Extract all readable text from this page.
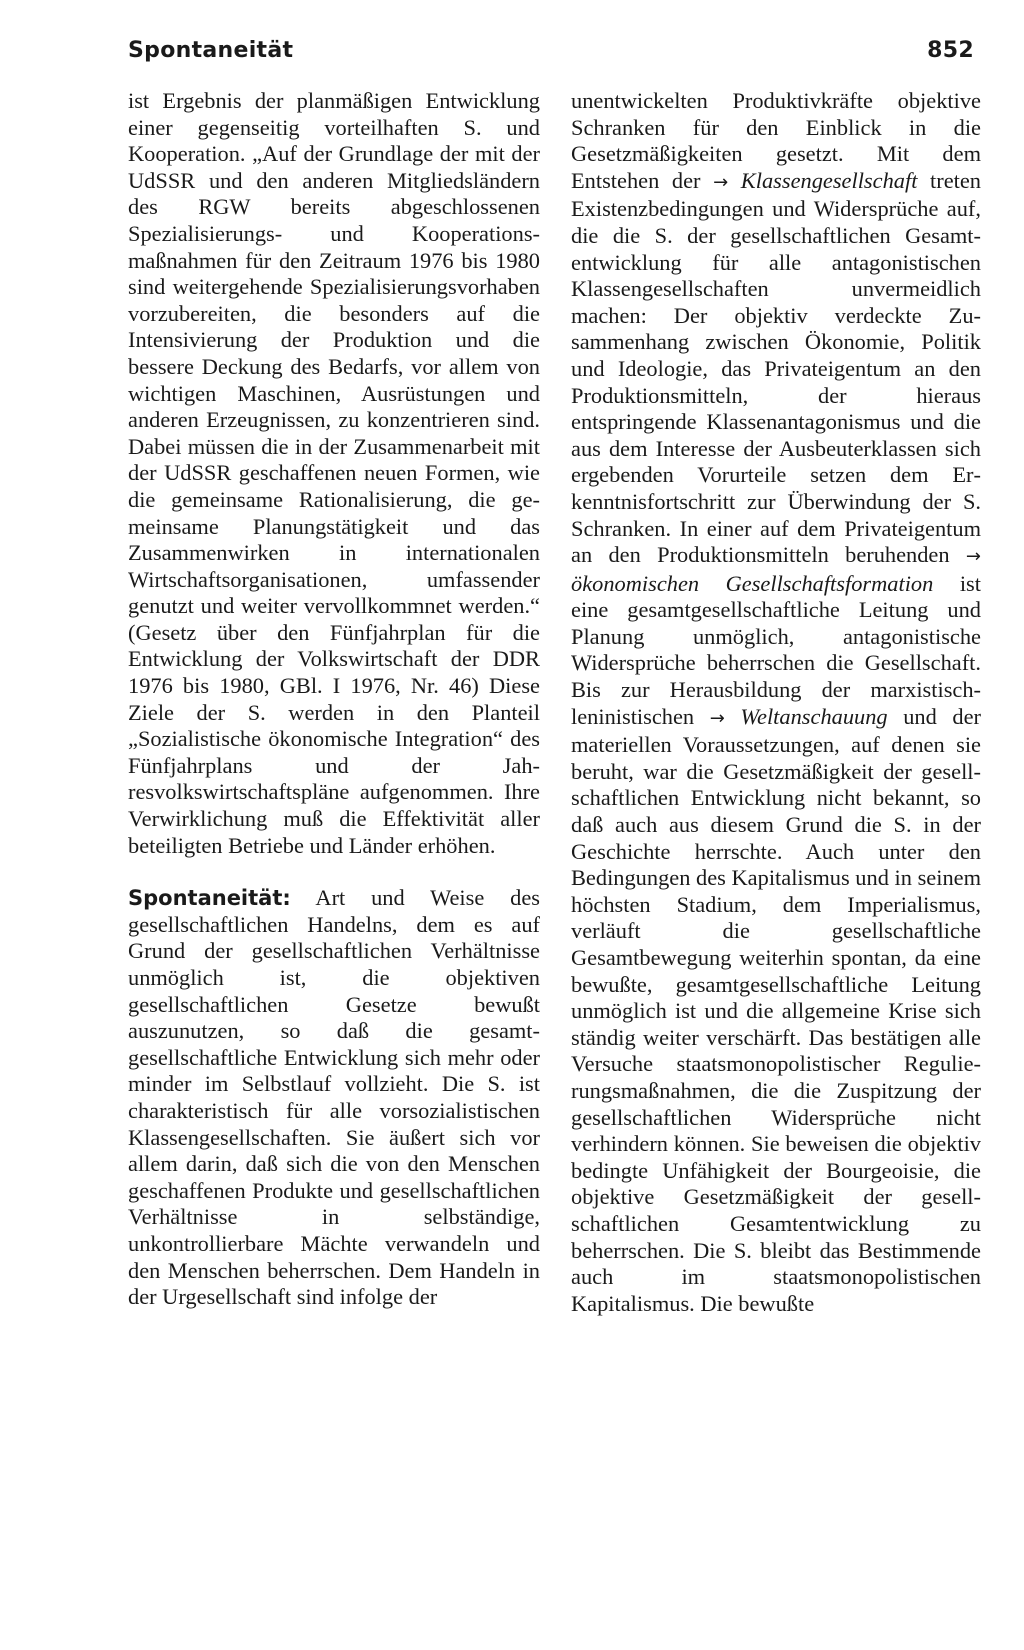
Spontaneität	852

ist Ergebnis der planmäßigen Entwicklung einer gegenseitig vorteilhaften S. und Kooperation. „Auf der Grundlage der mit der UdSSR und den anderen Mitgliedsländern des RGW bereits abgeschlossenen Spezialisierungs- und Kooperationsmaßnahmen für den Zeitraum 1976 bis 1980 sind weitergehende Spezialisierungsvorhaben vorzubereiten, die besonders auf die Intensivierung der Produktion und die bessere Deckung des Bedarfs, vor allem von wichtigen Maschinen, Ausrüstungen und anderen Erzeugnissen, zu konzentrieren sind. Dabei müssen die in der Zusammenarbeit mit der UdSSR geschaffenen neuen Formen, wie die gemeinsame Rationalisierung, die gemeinsame Planungstätigkeit und das Zusammenwirken in internationalen Wirtschaftsorganisationen, umfassender genutzt und weiter vervollkommnet werden.“ (Gesetz über den Fünfjahrplan für die Entwicklung der Volkswirtschaft der DDR 1976 bis 1980, GBl. I 1976, Nr. 46) Diese Ziele der S. werden in den Planteil „Sozialistische ökonomische Integration“ des Fünfjahrplans und der Jahresvolkswirtschaftspläne aufgenommen. Ihre Verwirklichung muß die Effektivität aller beteiligten Betriebe und Länder erhöhen.

Spontaneität: Art und Weise des gesellschaftlichen Handelns, dem es auf Grund der gesellschaftlichen Verhältnisse unmöglich ist, die objektiven gesellschaftlichen Gesetze bewußt auszunutzen, so daß die gesamtgesellschaftliche Entwicklung sich mehr oder minder im Selbstlauf vollzieht. Die S. ist charakteristisch für alle vorsozialistischen Klassengesellschaften. Sie äußert sich vor allem darin, daß sich die von den Menschen geschaffenen Produkte und gesellschaftlichen Verhältnisse in selbständige, unkontrollierbare Mächte verwandeln und den Menschen beherrschen. Dem Handeln in der Urgesellschaft sind infolge der

unentwickelten Produktivkräfte objektive Schranken für den Einblick in die Gesetzmäßigkeiten gesetzt. Mit dem Entstehen der → Klassengesellschaft treten Existenzbedingungen und Widersprüche auf, die die S. der gesellschaftlichen Gesamtentwicklung für alle antagonistischen Klassengesellschaften unvermeidlich machen: Der objektiv verdeckte Zusammenhang zwischen Ökonomie, Politik und Ideologie, das Privateigentum an den Produktionsmitteln, der hieraus entspringende Klassenantagonismus und die aus dem Interesse der Ausbeuterklassen sich ergebenden Vorurteile setzen dem Erkenntnisfortschritt zur Überwindung der S. Schranken. In einer auf dem Privateigentum an den Produktionsmitteln beruhenden → ökonomischen Gesellschaftsformation ist eine gesamtgesellschaftliche Leitung und Planung unmöglich, antagonistische Widersprüche beherrschen die Gesellschaft. Bis zur Herausbildung der marxistisch-leninistischen → Weltanschauung und der materiellen Voraussetzungen, auf denen sie beruht, war die Gesetzmäßigkeit der gesellschaftlichen Entwicklung nicht bekannt, so daß auch aus diesem Grund die S. in der Geschichte herrschte. Auch unter den Bedingungen des Kapitalismus und in seinem höchsten Stadium, dem Imperialismus, verläuft die gesellschaftliche Gesamtbewegung weiterhin spontan, da eine bewußte, gesamtgesellschaftliche Leitung unmöglich ist und die allgemeine Krise sich ständig weiter verschärft. Das bestätigen alle Versuche staatsmonopolistischer Regulierungsmaßnahmen, die die Zuspitzung der gesellschaftlichen Widersprüche nicht verhindern können. Sie beweisen die objektiv bedingte Unfähigkeit der Bourgeoisie, die objektive Gesetzmäßigkeit der gesellschaftlichen Gesamtentwicklung zu beherrschen. Die S. bleibt das Bestimmende auch im staatsmonopolistischen Kapitalismus. Die bewußte
